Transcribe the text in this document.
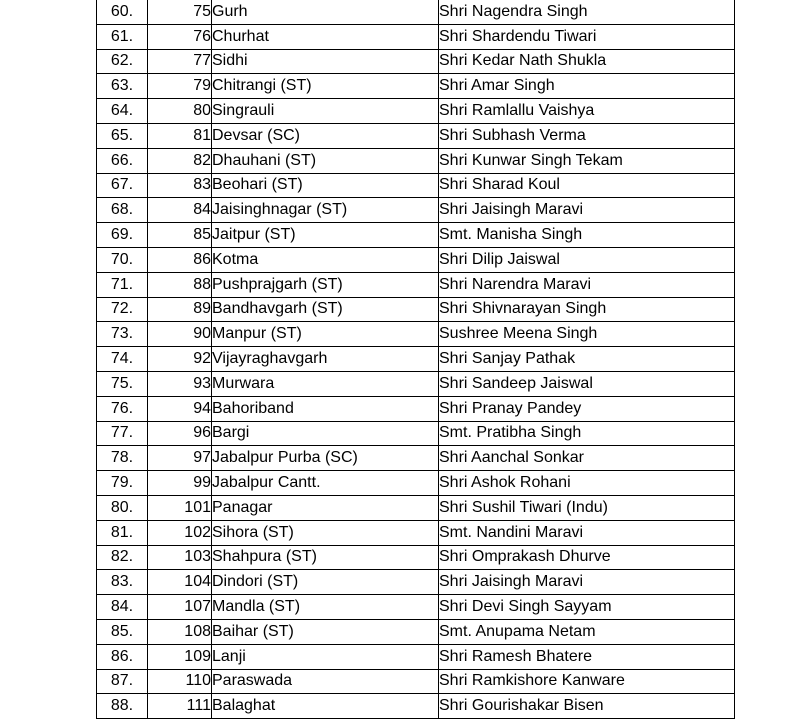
60.	75	Gurh	Shri Nagendra Singh
61.	76	Churhat	Shri Shardendu Tiwari
62.	77	Sidhi	Shri Kedar Nath Shukla
63.	79	Chitrangi (ST)	Shri Amar Singh
64.	80	Singrauli	Shri Ramlallu Vaishya
65.	81	Devsar (SC)	Shri Subhash Verma
66.	82	Dhauhani (ST)	Shri Kunwar Singh Tekam
67.	83	Beohari (ST)	Shri Sharad Koul
68.	84	Jaisinghnagar (ST)	Shri Jaisingh Maravi
69.	85	Jaitpur (ST)	Smt. Manisha Singh
70.	86	Kotma	Shri Dilip Jaiswal
71.	88	Pushprajgarh (ST)	Shri Narendra Maravi
72.	89	Bandhavgarh (ST)	Shri Shivnarayan Singh
73.	90	Manpur (ST)	Sushree Meena Singh
74.	92	Vijayraghavgarh	Shri Sanjay Pathak
75.	93	Murwara	Shri Sandeep Jaiswal
76.	94	Bahoriband	Shri Pranay Pandey
77.	96	Bargi	Smt. Pratibha Singh
78.	97	Jabalpur Purba (SC)	Shri Aanchal Sonkar
79.	99	Jabalpur Cantt.	Shri Ashok Rohani
80.	101	Panagar	Shri Sushil Tiwari (Indu)
81.	102	Sihora (ST)	Smt. Nandini Maravi
82.	103	Shahpura (ST)	Shri Omprakash Dhurve
83.	104	Dindori (ST)	Shri Jaisingh Maravi
84.	107	Mandla (ST)	Shri Devi Singh Sayyam
85.	108	Baihar (ST)	Smt. Anupama Netam
86.	109	Lanji	Shri Ramesh Bhatere
87.	110	Paraswada	Shri Ramkishore Kanware
88.	111	Balaghat	Shri Gourishakar Bisen
